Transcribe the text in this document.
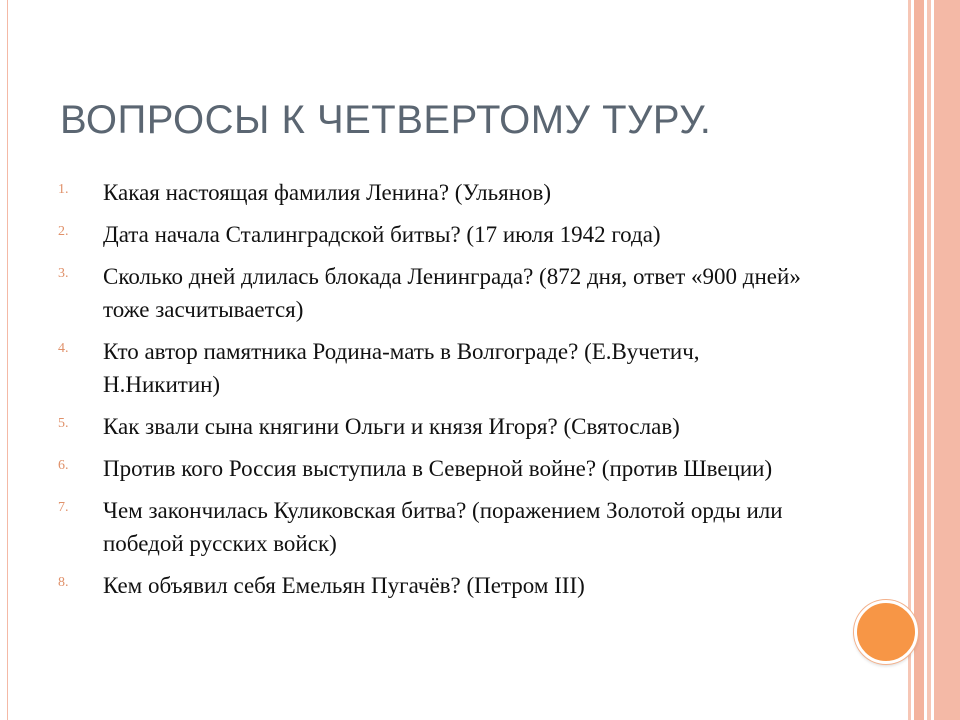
ВОПРОСЫ К ЧЕТВЕРТОМУ ТУРУ.
1. Какая настоящая фамилия Ленина? (Ульянов)
2. Дата начала Сталинградской битвы? (17 июля 1942 года)
3. Сколько дней длилась блокада Ленинграда? (872 дня, ответ «900 дней» тоже засчитывается)
4. Кто автор памятника Родина-мать в Волгограде? (Е.Вучетич, Н.Никитин)
5. Как звали сына княгини Ольги и князя Игоря? (Святослав)
6. Против кого Россия выступила в Северной войне? (против Швеции)
7. Чем закончилась Куликовская битва? (поражением Золотой орды или победой русских войск)
8. Кем объявил себя Емельян Пугачёв? (Петром III)
